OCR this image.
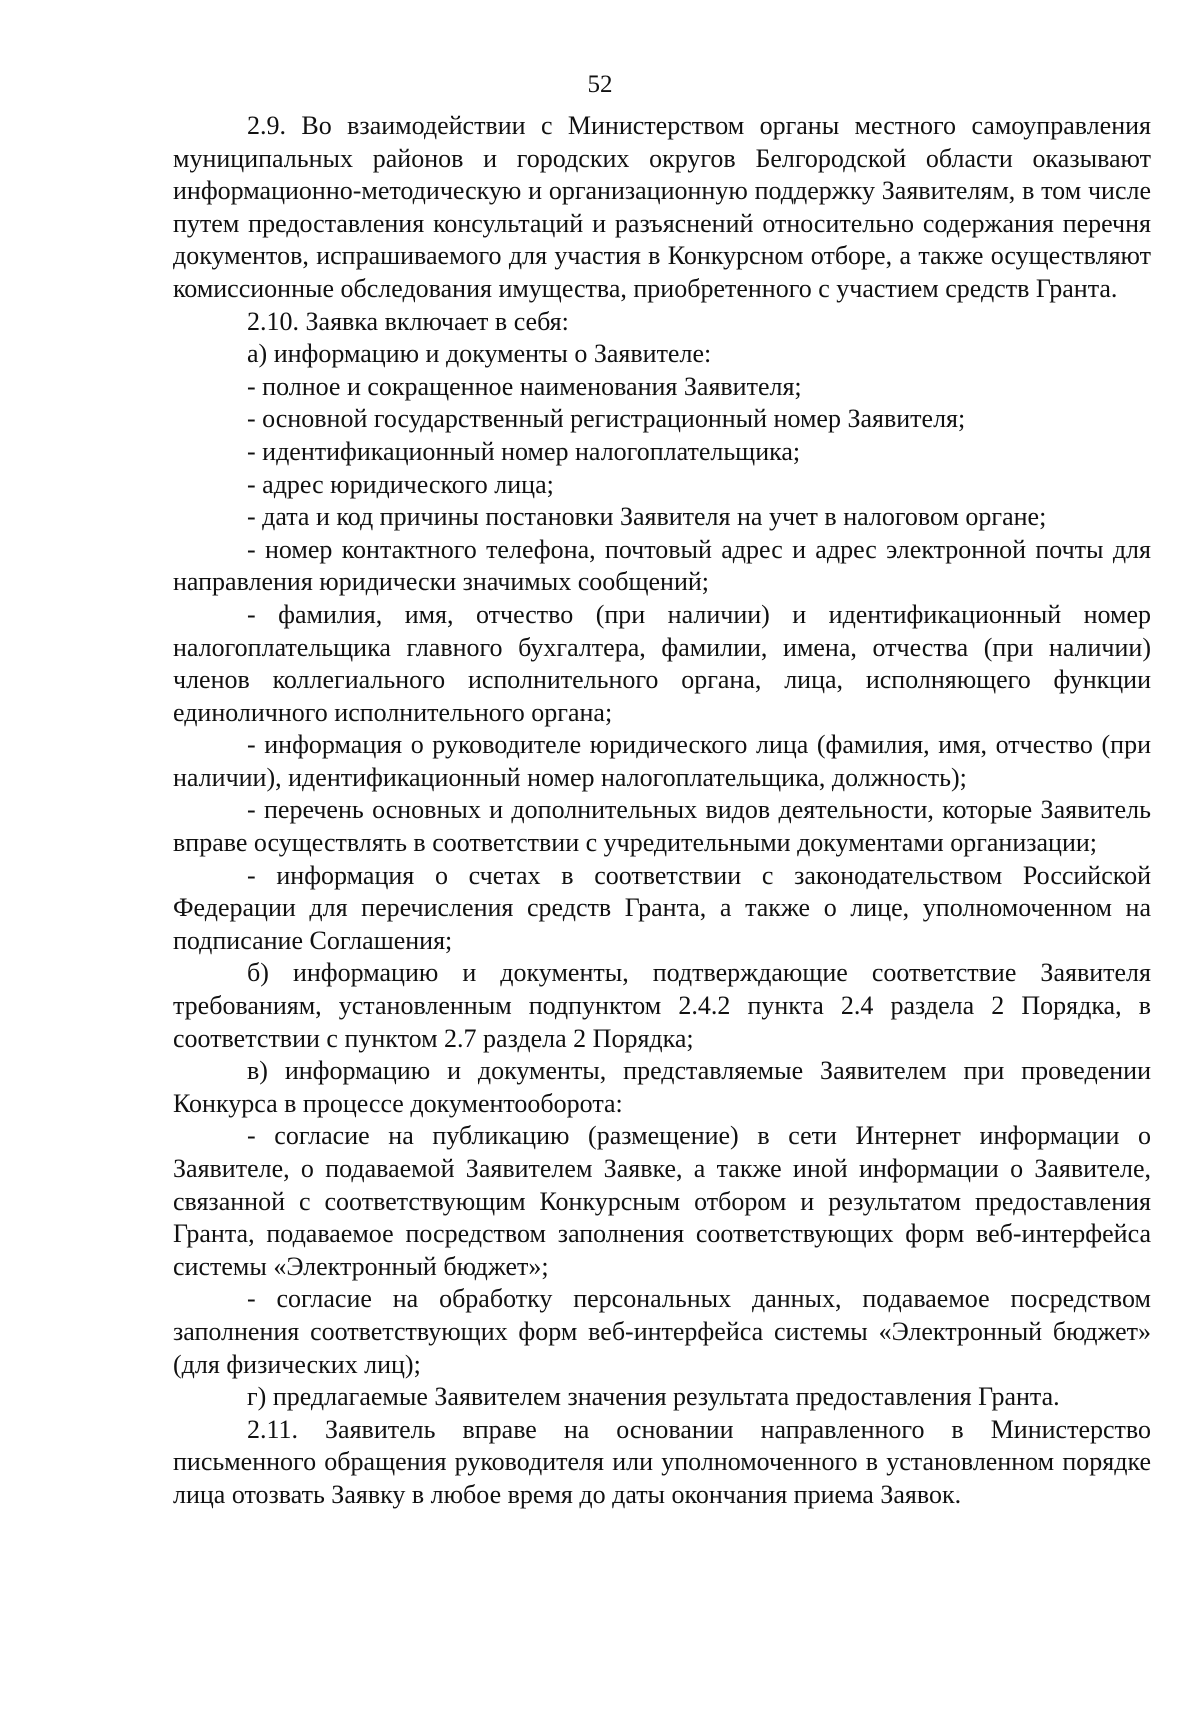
52

2.9. Во взаимодействии с Министерством органы местного самоуправления муниципальных районов и городских округов Белгородской области оказывают информационно-методическую и организационную поддержку Заявителям, в том числе путем предоставления консультаций и разъяснений относительно содержания перечня документов, испрашиваемого для участия в Конкурсном отборе, а также осуществляют комиссионные обследования имущества, приобретенного с участием средств Гранта.

2.10. Заявка включает в себя:

а) информацию и документы о Заявителе:

- полное и сокращенное наименования Заявителя;

- основной государственный регистрационный номер Заявителя;

- идентификационный номер налогоплательщика;

- адрес юридического лица;

- дата и код причины постановки Заявителя на учет в налоговом органе;

- номер контактного телефона, почтовый адрес и адрес электронной почты для направления юридически значимых сообщений;

- фамилия, имя, отчество (при наличии) и идентификационный номер налогоплательщика главного бухгалтера, фамилии, имена, отчества (при наличии) членов коллегиального исполнительного органа, лица, исполняющего функции единоличного исполнительного органа;

- информация о руководителе юридического лица (фамилия, имя, отчество (при наличии), идентификационный номер налогоплательщика, должность);

- перечень основных и дополнительных видов деятельности, которые Заявитель вправе осуществлять в соответствии с учредительными документами организации;

- информация о счетах в соответствии с законодательством Российской Федерации для перечисления средств Гранта, а также о лице, уполномоченном на подписание Соглашения;

б) информацию и документы, подтверждающие соответствие Заявителя требованиям, установленным подпунктом 2.4.2 пункта 2.4 раздела 2 Порядка, в соответствии с пунктом 2.7 раздела 2 Порядка;

в) информацию и документы, представляемые Заявителем при проведении Конкурса в процессе документооборота:

- согласие на публикацию (размещение) в сети Интернет информации о Заявителе, о подаваемой Заявителем Заявке, а также иной информации о Заявителе, связанной с соответствующим Конкурсным отбором и результатом предоставления Гранта, подаваемое посредством заполнения соответствующих форм веб-интерфейса системы «Электронный бюджет»;

- согласие на обработку персональных данных, подаваемое посредством заполнения соответствующих форм веб-интерфейса системы «Электронный бюджет» (для физических лиц);

г) предлагаемые Заявителем значения результата предоставления Гранта.

2.11. Заявитель вправе на основании направленного в Министерство письменного обращения руководителя или уполномоченного в установленном порядке лица отозвать Заявку в любое время до даты окончания приема Заявок.
